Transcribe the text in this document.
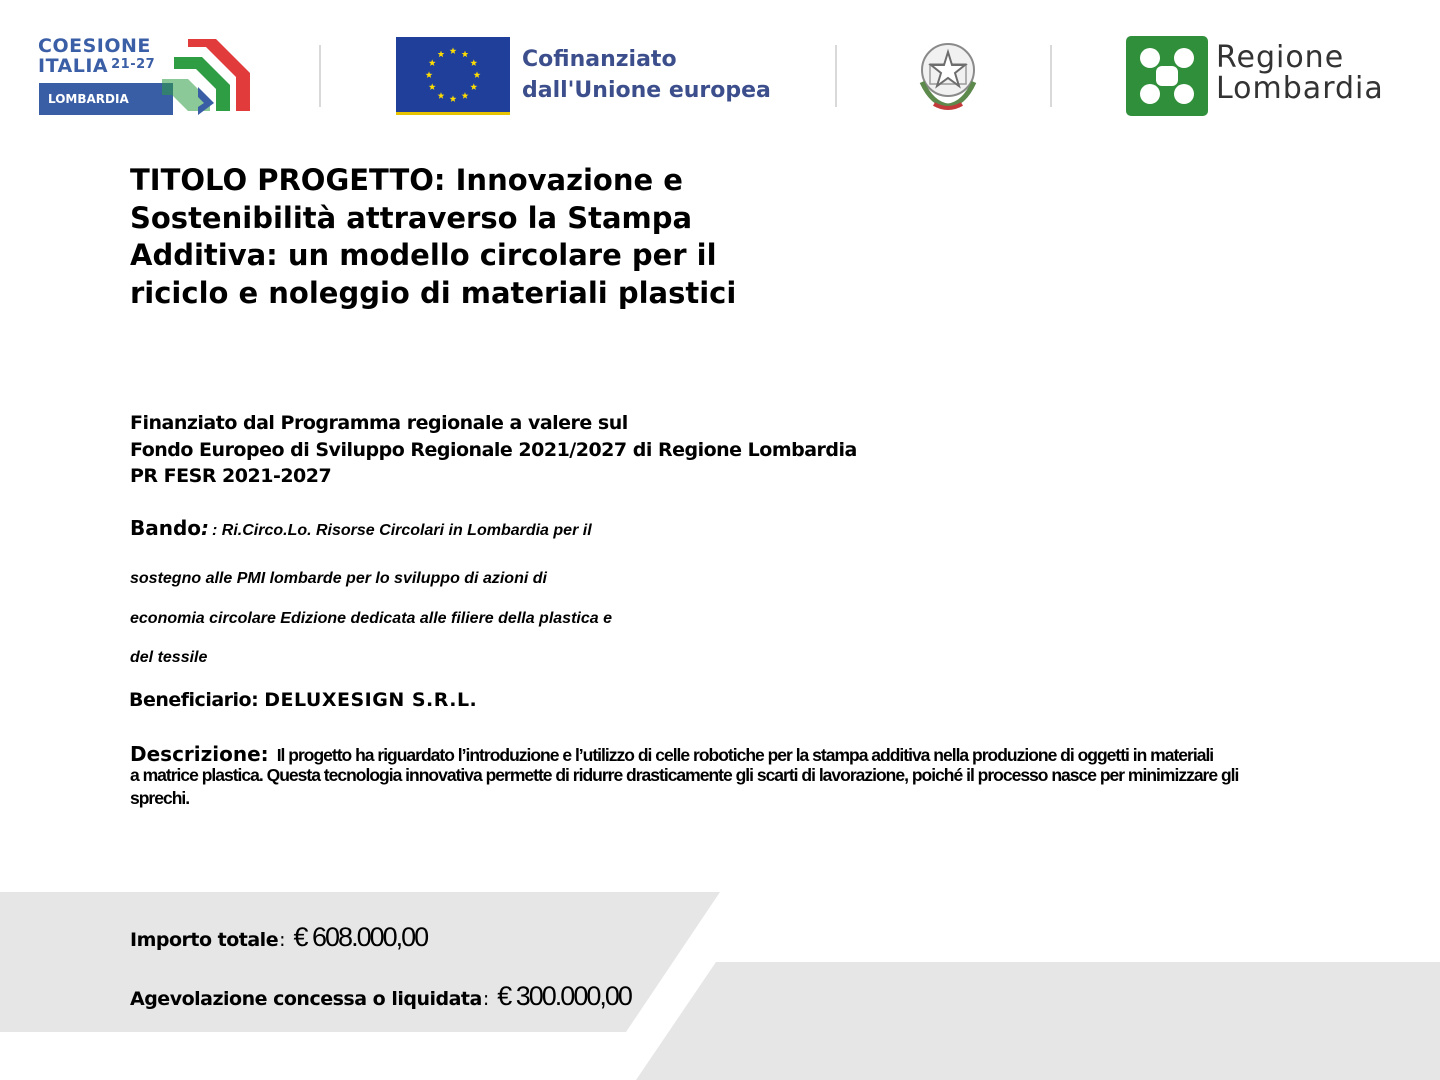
COESIONE
ITALIA $^{21-27}$
LOMBARDIA
Cofinanziato
dall'Unione europea
Regione
Lombardia
TITOLO PROGETTO: Innovazione e
Sostenibilità attraverso la Stampa
Additiva: un modello circolare per il
riciclo e noleggio di materiali plastici
Finanziato dal Programma regionale a valere sul
Fondo Europeo di Sviluppo Regionale 2021/2027 di Regione Lombardia
PR FESR 2021-2027
Bando: : Ri.Circo.Lo. Risorse Circolari in Lombardia per il
sostegno alle PMI lombarde per lo sviluppo di azioni di
economia circolare Edizione dedicata alle filiere della plastica e
del tessile
Beneficiario: DELUXESIGN S.R.L.
Descrizione: Il progetto ha riguardato l’introduzione e l’utilizzo di celle robotiche per la stampa additiva nella produzione di oggetti in materiali
a matrice plastica. Questa tecnologia innovativa permette di ridurre drasticamente gli scarti di lavorazione, poiché il processo nasce per minimizzare gli
sprechi.
Importo totale: € 608.000,00
Agevolazione concessa o liquidata: € 300.000,00
